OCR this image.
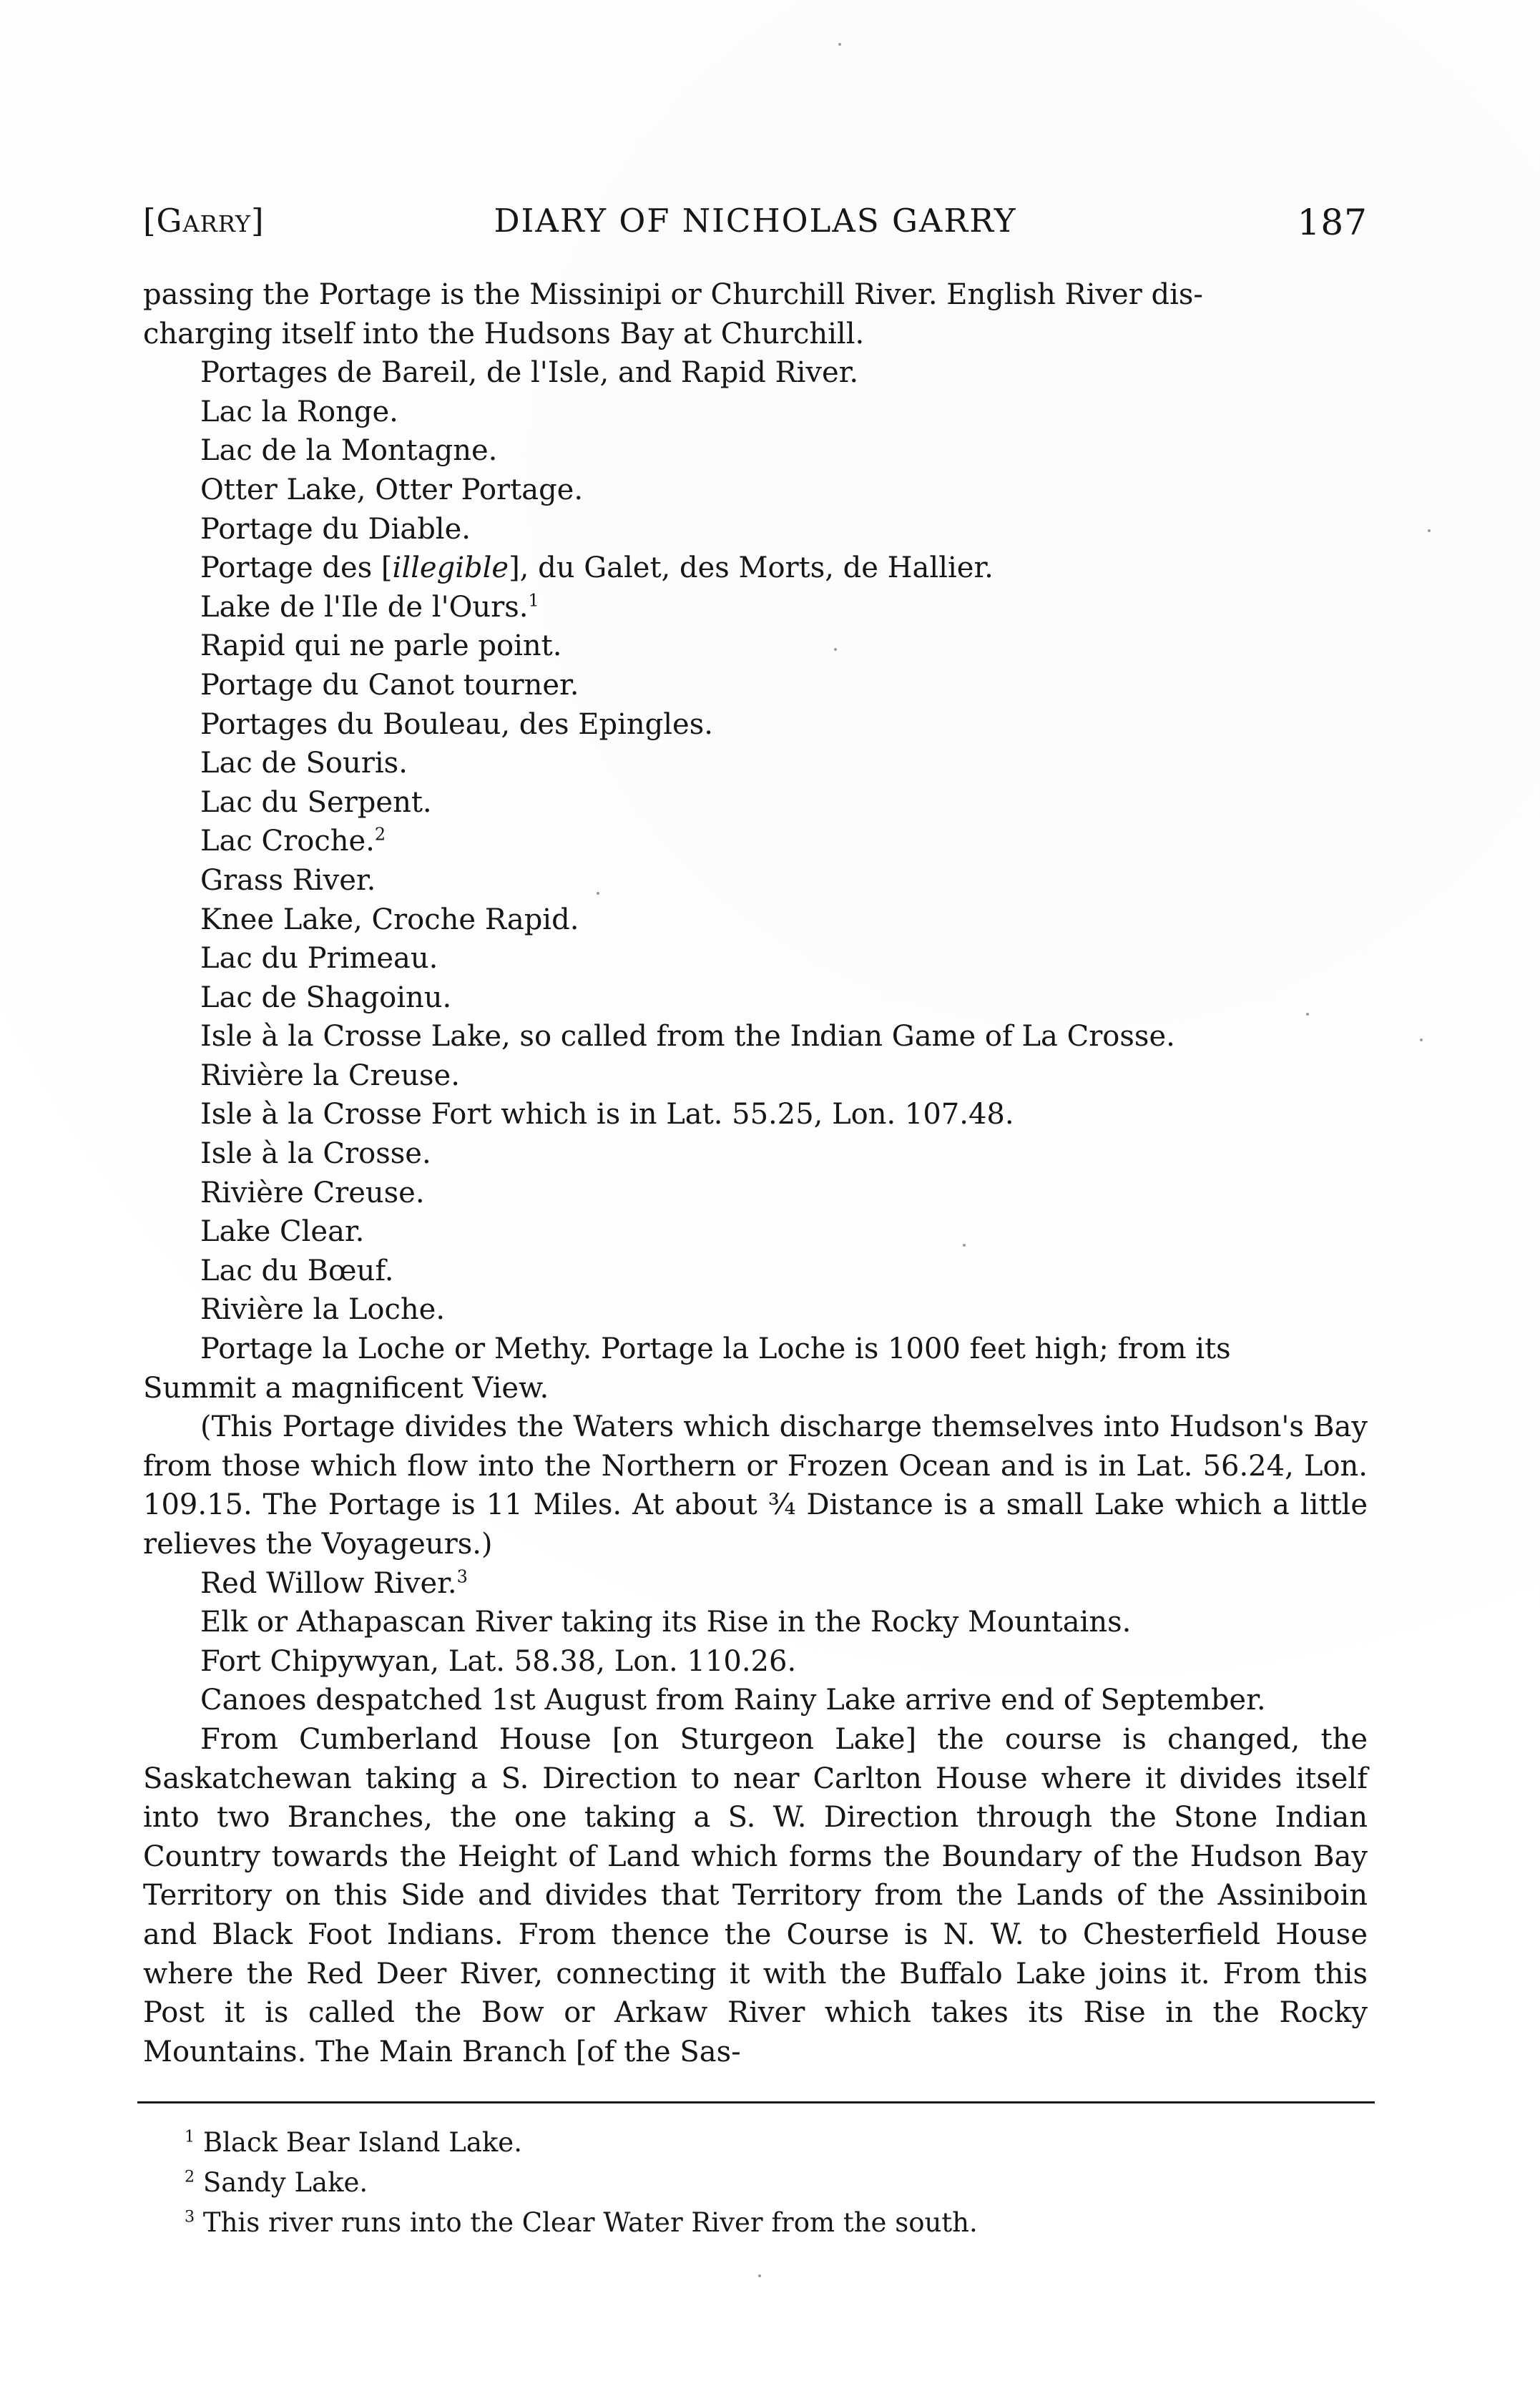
[Garry]	DIARY OF NICHOLAS GARRY	187
passing the Portage is the Missinipi or Churchill River. English River dis-
charging itself into the Hudsons Bay at Churchill.
Portages de Bareil, de l'Isle, and Rapid River.
Lac la Ronge.
Lac de la Montagne.
Otter Lake, Otter Portage.
Portage du Diable.
Portage des [illegible], du Galet, des Morts, de Hallier.
Lake de l'Ile de l'Ours.$^1$
Rapid qui ne parle point.
Portage du Canot tourner.
Portages du Bouleau, des Epingles.
Lac de Souris.
Lac du Serpent.
Lac Croche.$^2$
Grass River.
Knee Lake, Croche Rapid.
Lac du Primeau.
Lac de Shagoinu.
Isle à la Crosse Lake, so called from the Indian Game of La Crosse.
Rivière la Creuse.
Isle à la Crosse Fort which is in Lat. 55.25, Lon. 107.48.
Isle à la Crosse.
Rivière Creuse.
Lake Clear.
Lac du Bœuf.
Rivière la Loche.
Portage la Loche or Methy. Portage la Loche is 1000 feet high; from its
Summit a magnificent View.
(This Portage divides the Waters which discharge themselves into Hudson's Bay from those which flow into the Northern or Frozen Ocean and is in Lat. 56.24, Lon. 109.15. The Portage is 11 Miles. At about ¾ Distance is a small Lake which a little relieves the Voyageurs.)
Red Willow River.$^3$
Elk or Athapascan River taking its Rise in the Rocky Mountains.
Fort Chipywyan, Lat. 58.38, Lon. 110.26.
Canoes despatched 1st August from Rainy Lake arrive end of September.
From Cumberland House [on Sturgeon Lake] the course is changed, the Saskatchewan taking a S. Direction to near Carlton House where it divides itself into two Branches, the one taking a S. W. Direction through the Stone Indian Country towards the Height of Land which forms the Boundary of the Hudson Bay Territory on this Side and divides that Territory from the Lands of the Assiniboin and Black Foot Indians. From thence the Course is N. W. to Chesterfield House where the Red Deer River, connecting it with the Buffalo Lake joins it. From this Post it is called the Bow or Arkaw River which takes its Rise in the Rocky Mountains. The Main Branch [of the Sas-
$^1$ Black Bear Island Lake.
$^2$ Sandy Lake.
$^3$ This river runs into the Clear Water River from the south.
